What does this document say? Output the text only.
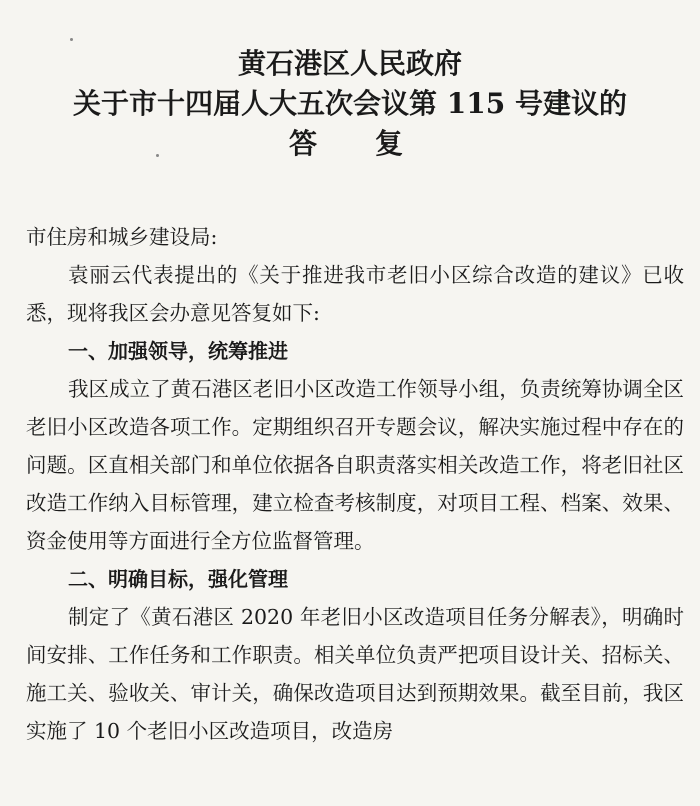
黄石港区人民政府
关于市十四届人大五次会议第 115 号建议的
答复

市住房和城乡建设局:

袁丽云代表提出的《关于推进我市老旧小区综合改造的建议》已收悉，现将我区会办意见答复如下:

一、加强领导，统筹推进

我区成立了黄石港区老旧小区改造工作领导小组，负责统筹协调全区老旧小区改造各项工作。定期组织召开专题会议，解决实施过程中存在的问题。区直相关部门和单位依据各自职责落实相关改造工作，将老旧社区改造工作纳入目标管理，建立检查考核制度，对项目工程、档案、效果、资金使用等方面进行全方位监督管理。

二、明确目标，强化管理

制定了《黄石港区 2020 年老旧小区改造项目任务分解表》，明确时间安排、工作任务和工作职责。相关单位负责严把项目设计关、招标关、施工关、验收关、审计关，确保改造项目达到预期效果。截至目前，我区实施了 10 个老旧小区改造项目，改造房
